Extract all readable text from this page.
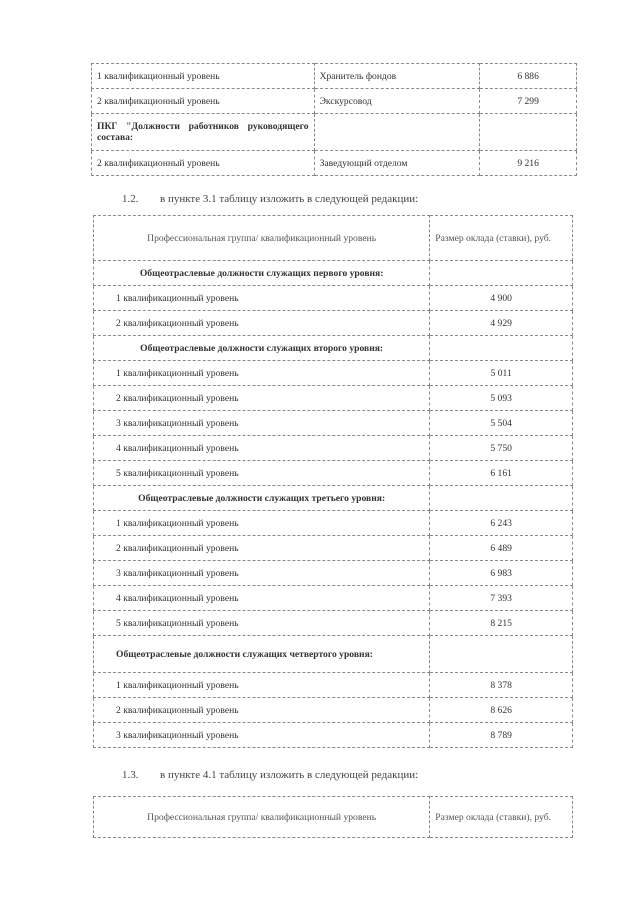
1 квалификационный уровень	Хранитель фондов	6 886
2 квалификационный уровень	Экскурсовод	7 299
ПКГ "Должности работников руководящего состава:		
2 квалификационный уровень	Заведующий отделом	9 216
1.2. в пункте 3.1 таблицу изложить в следующей редакции:
Профессиональная группа/ квалификационный уровень	Размер оклада (ставки), руб.
Общеотраслевые должности служащих первого уровня:	
1 квалификационный уровень	4 900
2 квалификационный уровень	4 929
Общеотраслевые должности служащих второго уровня:	
1 квалификационный уровень	5 011
2 квалификационный уровень	5 093
3 квалификационный уровень	5 504
4 квалификационный уровень	5 750
5 квалификационный уровень	6 161
Общеотраслевые должности служащих третьего уровня:	
1 квалификационный уровень	6 243
2 квалификационный уровень	6 489
3 квалификационный уровень	6 983
4 квалификационный уровень	7 393
5 квалификационный уровень	8 215
Общеотраслевые должности служащих четвертого уровня:	
1 квалификационный уровень	8 378
2 квалификационный уровень	8 626
3 квалификационный уровень	8 789
1.3. в пункте 4.1 таблицу изложить в следующей редакции:
Профессиональная группа/ квалификационный уровень	Размер оклада (ставки), руб.
